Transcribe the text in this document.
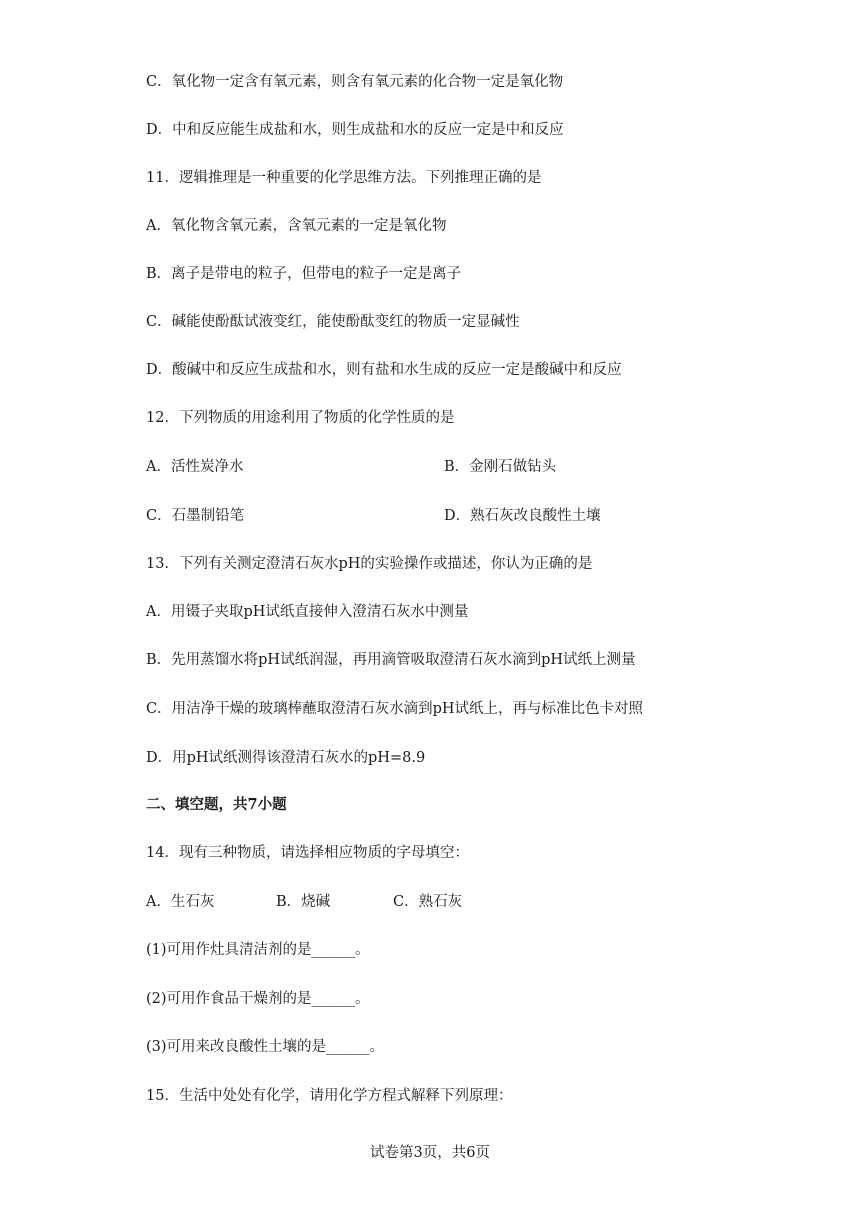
C．氧化物一定含有氧元素，则含有氧元素的化合物一定是氧化物
D．中和反应能生成盐和水，则生成盐和水的反应一定是中和反应
11．逻辑推理是一种重要的化学思维方法。下列推理正确的是
A．氧化物含氧元素，含氧元素的一定是氧化物
B．离子是带电的粒子，但带电的粒子一定是离子
C．碱能使酚酞试液变红，能使酚酞变红的物质一定显碱性
D．酸碱中和反应生成盐和水，则有盐和水生成的反应一定是酸碱中和反应
12．下列物质的用途利用了物质的化学性质的是
A．活性炭净水	B．金刚石做钻头
C．石墨制铅笔	D．熟石灰改良酸性土壤
13．下列有关测定澄清石灰水pH的实验操作或描述，你认为正确的是
A．用镊子夹取pH试纸直接伸入澄清石灰水中测量
B．先用蒸馏水将pH试纸润湿，再用滴管吸取澄清石灰水滴到pH试纸上测量
C．用洁净干燥的玻璃棒蘸取澄清石灰水滴到pH试纸上，再与标准比色卡对照
D．用pH试纸测得该澄清石灰水的pH=8.9
二、填空题，共7小题
14．现有三种物质，请选择相应物质的字母填空：
A．生石灰	B．烧碱	C．熟石灰
(1)可用作灶具清洁剂的是______。
(2)可用作食品干燥剂的是______。
(3)可用来改良酸性土壤的是______。
15．生活中处处有化学，请用化学方程式解释下列原理：
试卷第3页，共6页
